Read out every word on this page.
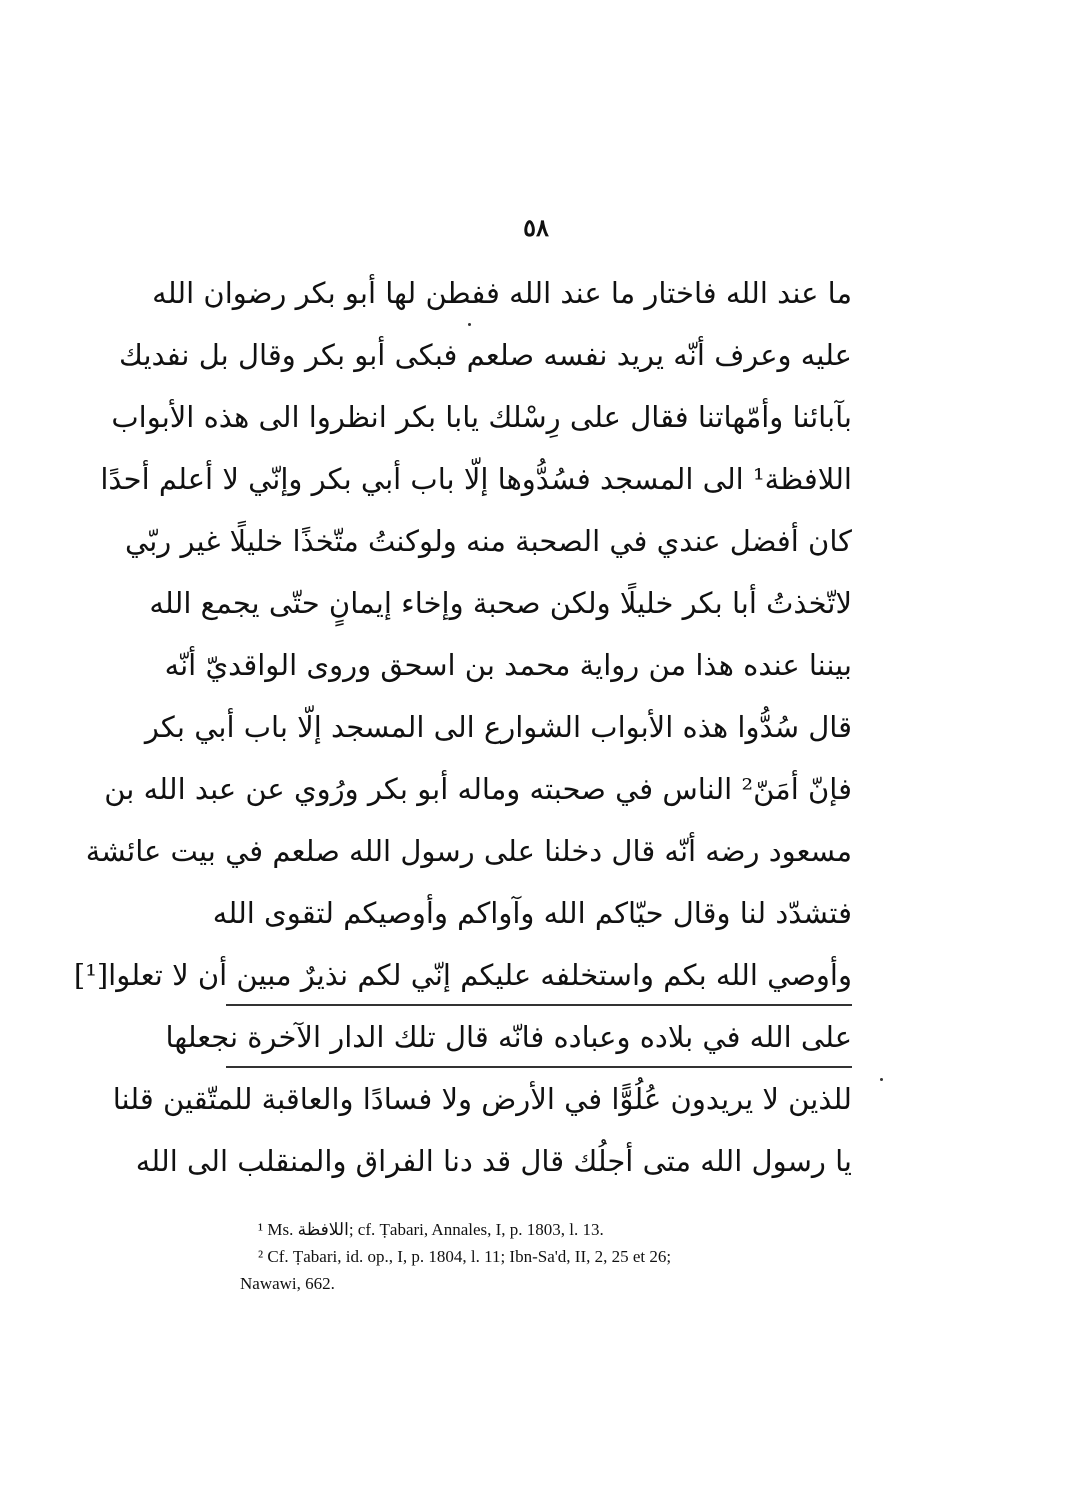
٥٨
ما عند الله فاختار ما عند الله ففطن لها أبو بكر رضوان الله
عليه وعرف أنّه يريد نفسه صلعم فبكى أبو بكر وقال بل نفديك
بآبائنا وأمّهاتنا فقال على رِسْلك يابا بكر انظروا الى هذه الأبواب
اللافظة¹ الى المسجد فسُدُّوها إلّا باب أبي بكر وإنّي لا أعلم أحدًا
كان أفضل عندي في الصحبة منه ولوكنتُ متّخذًا خليلًا غير ربّي
لاتّخذتُ أبا بكر خليلًا ولكن صحبة وإخاء إيمانٍ حتّى يجمع الله
بيننا عنده هذا من رواية محمد بن اسحق وروى الواقديّ أنّه
قال سُدُّوا هذه الأبواب الشوارع الى المسجد إلّا باب أبي بكر
فإنّ أمَنّ² الناس في صحبته وماله أبو بكر ورُوي عن عبد الله بن
مسعود رضه أنّه قال دخلنا على رسول الله صلعم في بيت عائشة
فتشدّد لنا وقال حيّاكم الله وآواكم وأوصيكم لتقوى الله
وأوصي الله بكم واستخلفه عليكم إنّي لكم نذيرٌ مبين أن لا تعلوا[¹]
على الله في بلاده وعباده فانّه قال تلك الدار الآخرة نجعلها
للذين لا يريدون عُلُوًّا في الأرض ولا فسادًا والعاقبة للمتّقين قلنا
يا رسول الله متى أجلُك قال قد دنا الفراق والمنقلب الى الله

¹ Ms. اللافظة; cf. Ṭabari, Annales, I, p. 1803, l. 13.

² Cf. Ṭabari, id. op., I, p. 1804, l. 11; Ibn-Sa'd, II, 2, 25 et 26;
Nawawi, 662.
